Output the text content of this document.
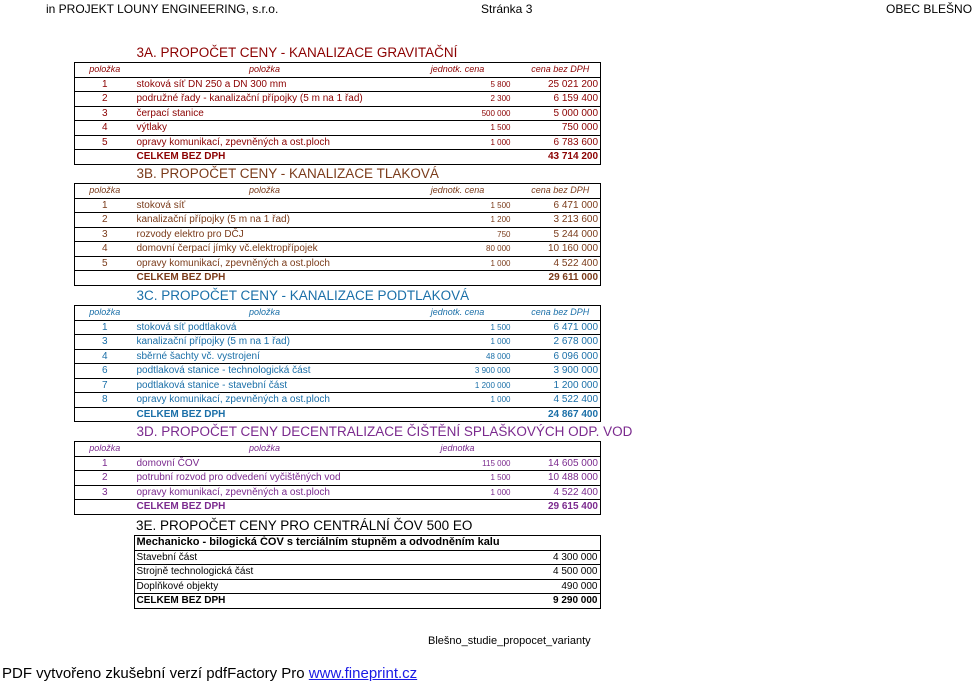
in PROJEKT LOUNY ENGINEERING, s.r.o.	Stránka 3	OBEC BLEŠNO
	3A. PROPOČET CENY - KANALIZACE GRAVITAČNÍ		
položka	položka	jednotk. cena	cena bez DPH
1	stoková síť DN 250 a DN 300 mm	5 800	25 021 200
2	podružné řady - kanalizační přípojky (5 m na 1 řad)	2 300	6 159 400
3	čerpací stanice	500 000	5 000 000
4	výtlaky	1 500	750 000
5	opravy komunikací, zpevněných a ost.ploch	1 000	6 783 600
	CELKEM BEZ DPH		43 714 200
	3B. PROPOČET CENY - KANALIZACE TLAKOVÁ		
položka	položka	jednotk. cena	cena bez DPH
1	stoková síť	1 500	6 471 000
2	kanalizační přípojky (5 m na 1 řad)	1 200	3 213 600
3	rozvody elektro pro DČJ	750	5 244 000
4	domovní čerpací jímky vč.elektropřípojek	80 000	10 160 000
5	opravy komunikací, zpevněných a ost.ploch	1 000	4 522 400
	CELKEM BEZ DPH		29 611 000
	3C. PROPOČET CENY - KANALIZACE PODTLAKOVÁ		
položka	položka	jednotk. cena	cena bez DPH
1	stoková síť podtlaková	1 500	6 471 000
3	kanalizační přípojky (5 m na 1 řad)	1 000	2 678 000
4	sběrné šachty vč. vystrojení	48 000	6 096 000
6	podtlaková stanice - technologická část	3 900 000	3 900 000
7	podtlaková stanice - stavební část	1 200 000	1 200 000
8	opravy komunikací, zpevněných a ost.ploch	1 000	4 522 400
	CELKEM BEZ DPH		24 867 400
	3D. PROPOČET CENY DECENTRALIZACE ČIŠTĚNÍ SPLAŠKOVÝCH ODP. VOD		
položka	položka	jednotka	
1	domovní ČOV	115 000	14 605 000
2	potrubní rozvod pro odvedení vyčištěných vod	1 500	10 488 000
3	opravy komunikací, zpevněných a ost.ploch	1 000	4 522 400
	CELKEM BEZ DPH		29 615 400
	3E. PROPOČET CENY PRO CENTRÁLNÍ ČOV 500 EO		
	Mechanicko - bilogická ČOV s terciálním stupněm a odvodněním kalu		
	Stavební část		4 300 000
	Strojně technologická část		4 500 000
	Doplňkové objekty		490 000
	CELKEM BEZ DPH		9 290 000
Blešno_studie_propocet_varianty
PDF vytvořeno zkušební verzí pdfFactory Pro www.fineprint.cz
